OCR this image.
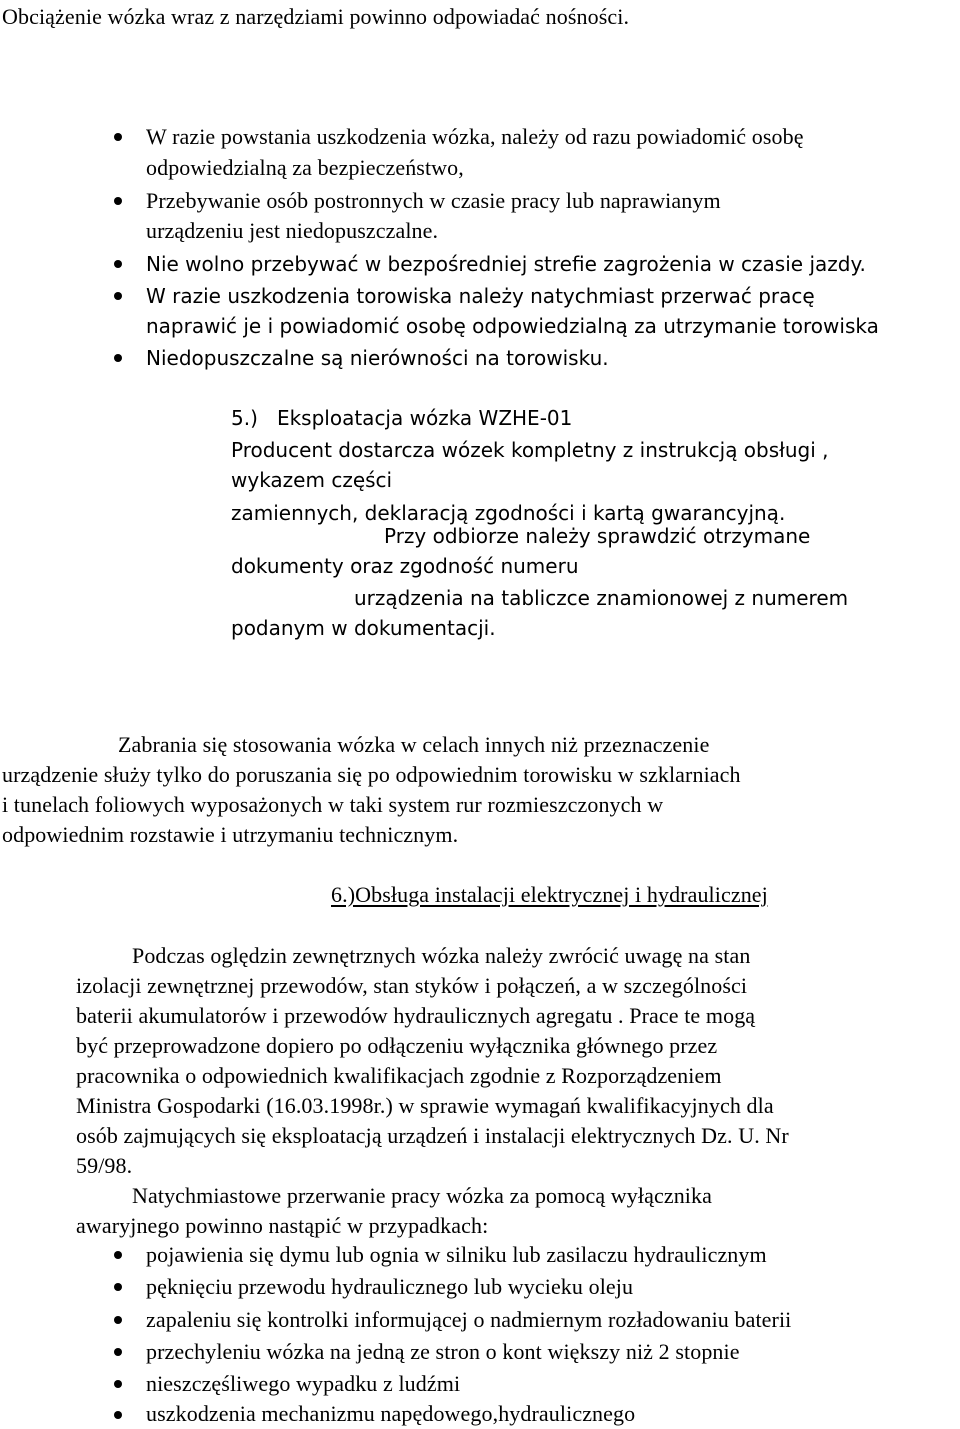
Obciążenie wózka wraz z narzędziami powinno odpowiadać nośności.
W razie powstania uszkodzenia wózka, należy od razu powiadomić osobę
odpowiedzialną za bezpieczeństwo,
Przebywanie osób postronnych w czasie pracy lub naprawianym
urządzeniu jest niedopuszczalne.
Nie wolno przebywać w bezpośredniej strefie zagrożenia w czasie jazdy.
W razie uszkodzenia torowiska należy natychmiast przerwać pracę
naprawić je i powiadomić osobę odpowiedzialną za utrzymanie torowiska
Niedopuszczalne są nierówności na torowisku.
5.)   Eksploatacja wózka WZHE-01
Producent dostarcza wózek kompletny z instrukcją obsługi ,
wykazem części
zamiennych, deklaracją zgodności i kartą gwarancyjną.
Przy odbiorze należy sprawdzić otrzymane
dokumenty oraz zgodność numeru
urządzenia na tabliczce znamionowej z numerem
podanym w dokumentacji.
Zabrania się stosowania wózka w celach innych niż przeznaczenie
urządzenie służy tylko do poruszania się po odpowiednim torowisku w szklarniach
i tunelach foliowych wyposażonych w taki system rur rozmieszczonych w
odpowiednim rozstawie i utrzymaniu technicznym.
6.)Obsługa instalacji elektrycznej i hydraulicznej
Podczas oględzin zewnętrznych wózka należy zwrócić uwagę na stan
izolacji zewnętrznej przewodów, stan styków i połączeń, a w szczególności
baterii akumulatorów i przewodów hydraulicznych agregatu . Prace te mogą
być przeprowadzone dopiero po odłączeniu wyłącznika głównego przez
pracownika o odpowiednich kwalifikacjach zgodnie z Rozporządzeniem
Ministra Gospodarki (16.03.1998r.) w sprawie wymagań kwalifikacyjnych dla
osób zajmujących się eksploatacją urządzeń i instalacji elektrycznych Dz. U. Nr
59/98.
Natychmiastowe przerwanie pracy wózka za pomocą wyłącznika
awaryjnego powinno nastąpić w przypadkach:
pojawienia się dymu lub ognia w silniku lub zasilaczu hydraulicznym
pęknięciu przewodu hydraulicznego lub wycieku oleju
zapaleniu się kontrolki informującej o nadmiernym rozładowaniu baterii
przechyleniu wózka na jedną ze stron o kont większy niż 2 stopnie
nieszczęśliwego wypadku z ludźmi
uszkodzenia mechanizmu napędowego,hydraulicznego
